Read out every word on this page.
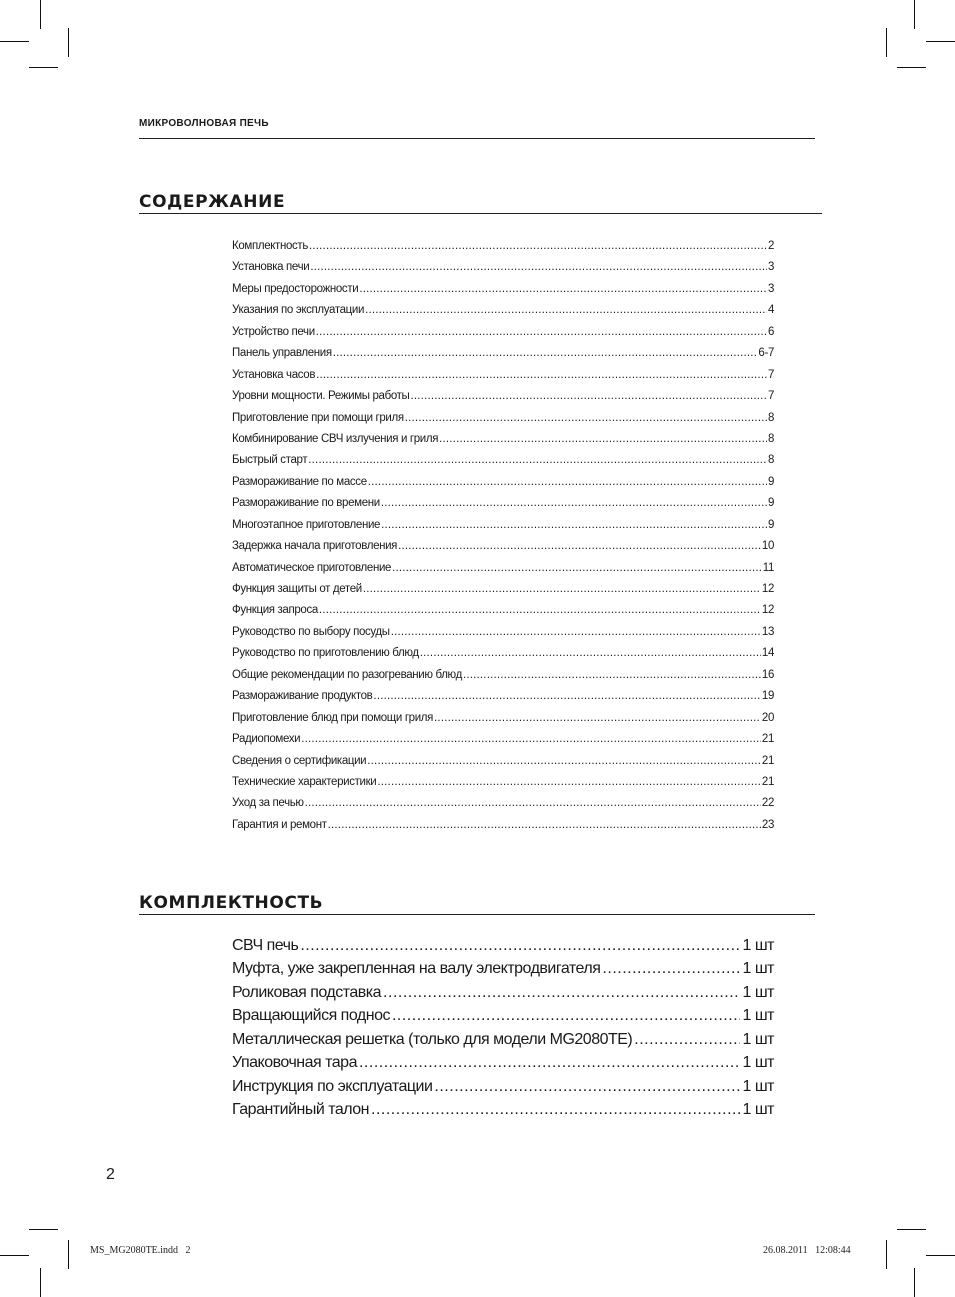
МИКРОВОЛНОВАЯ ПЕЧЬ
СОДЕРЖАНИЕ
Комплектность .....	2
Установка печи .....	3
Меры предосторожности .....	3
Указания по эксплуатации .....	4
Устройство печи .....	6
Панель управления .....	6-7
Установка часов .....	7
Уровни мощности. Режимы работы .....	7
Приготовление при помощи гриля .....	8
Комбинирование СВЧ излучения и гриля .....	8
Быстрый старт .....	8
Размораживание по массе .....	9
Размораживание по времени .....	9
Многоэтапное приготовление .....	9
Задержка начала приготовления .....	10
Автоматическое приготовление .....	11
Функция защиты от детей .....	12
Функция запроса .....	12
Руководство по выбору посуды .....	13
Руководство по приготовлению блюд .....	14
Общие рекомендации по разогреванию блюд .....	16
Размораживание продуктов .....	19
Приготовление блюд при помощи гриля .....	20
Радиопомехи .....	21
Сведения о сертификации .....	21
Технические характеристики .....	21
Уход за печью .....	22
Гарантия и ремонт .....	23
КОМПЛЕКТНОСТЬ
СВЧ печь .....	1 шт
Муфта, уже закрепленная на валу электродвигателя .....	1 шт
Роликовая подставка .....	1 шт
Вращающийся поднос .....	1 шт
Металлическая решетка (только для модели MG2080TE) .....	1 шт
Упаковочная тара .....	1 шт
Инструкция по эксплуатации .....	1 шт
Гарантийный талон .....	1 шт
2
MS_MG2080TE.indd   2	26.08.2011   12:08:44
